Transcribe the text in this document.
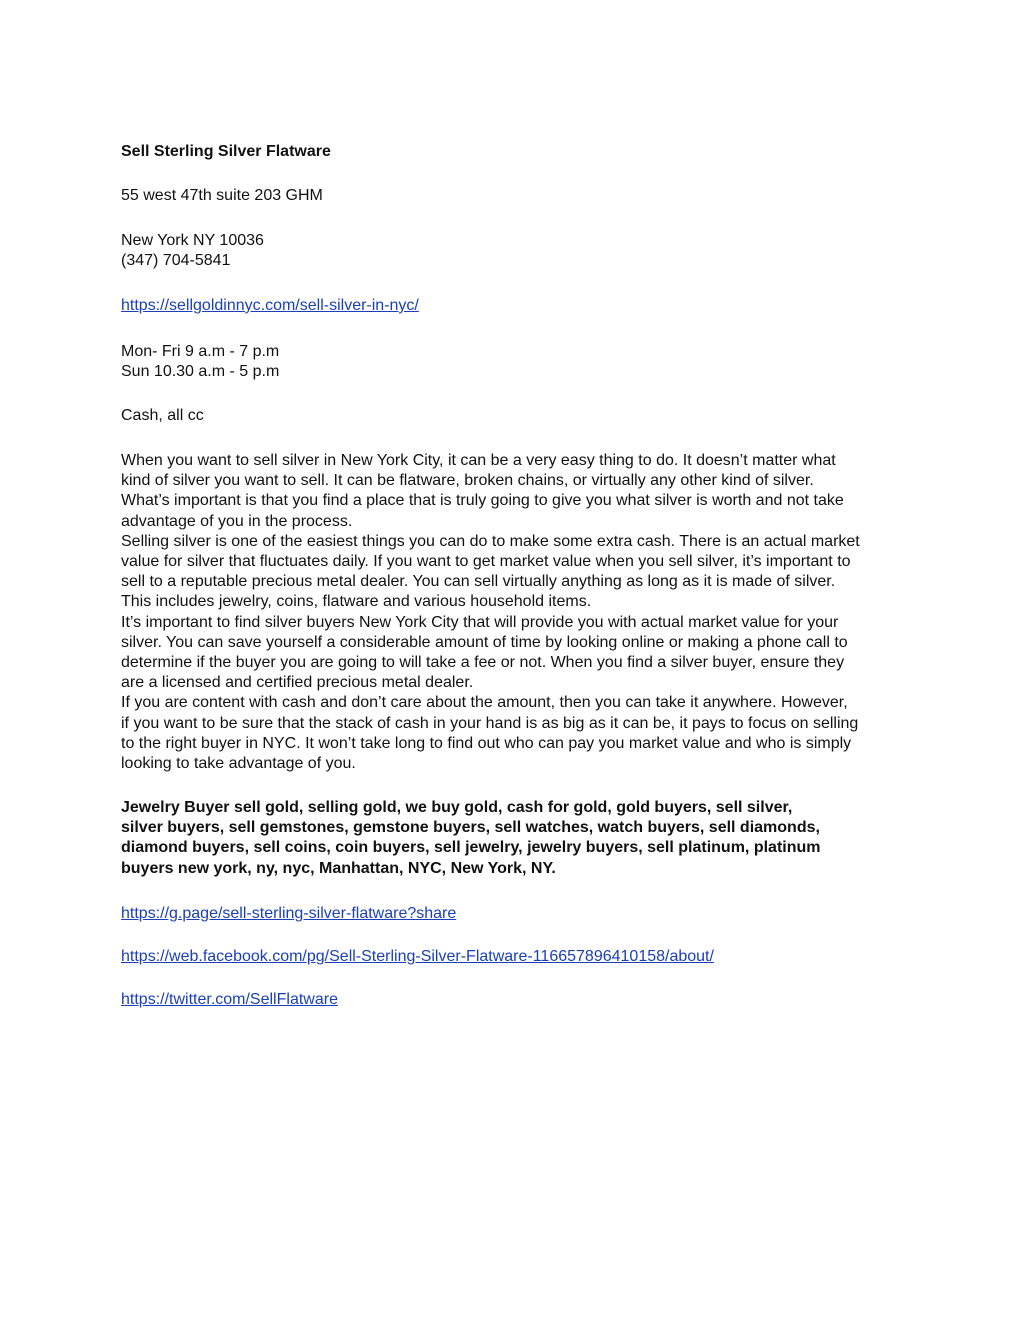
Sell Sterling Silver Flatware

55 west 47th suite 203 GHM

New York NY 10036

(347) 704-5841

https://sellgoldinnyc.com/sell-silver-in-nyc/

Mon- Fri 9 a.m - 7 p.m

Sun 10.30 a.m - 5 p.m

Cash, all cc

When you want to sell silver in New York City, it can be a very easy thing to do. It doesn’t matter what
kind of silver you want to sell. It can be flatware, broken chains, or virtually any other kind of silver.
What’s important is that you find a place that is truly going to give you what silver is worth and not take
advantage of you in the process.
Selling silver is one of the easiest things you can do to make some extra cash. There is an actual market
value for silver that fluctuates daily. If you want to get market value when you sell silver, it’s important to
sell to a reputable precious metal dealer. You can sell virtually anything as long as it is made of silver.
This includes jewelry, coins, flatware and various household items.
It’s important to find silver buyers New York City that will provide you with actual market value for your
silver. You can save yourself a considerable amount of time by looking online or making a phone call to
determine if the buyer you are going to will take a fee or not. When you find a silver buyer, ensure they
are a licensed and certified precious metal dealer.
If you are content with cash and don’t care about the amount, then you can take it anywhere. However,
if you want to be sure that the stack of cash in your hand is as big as it can be, it pays to focus on selling
to the right buyer in NYC. It won’t take long to find out who can pay you market value and who is simply
looking to take advantage of you.
Jewelry Buyer sell gold, selling gold, we buy gold, cash for gold, gold buyers, sell silver,
silver buyers, sell gemstones, gemstone buyers, sell watches, watch buyers, sell diamonds,
diamond buyers, sell coins, coin buyers, sell jewelry, jewelry buyers, sell platinum, platinum
buyers new york, ny, nyc, Manhattan, NYC, New York, NY.
https://g.page/sell-sterling-silver-flatware?share
https://web.facebook.com/pg/Sell-Sterling-Silver-Flatware-116657896410158/about/
https://twitter.com/SellFlatware
